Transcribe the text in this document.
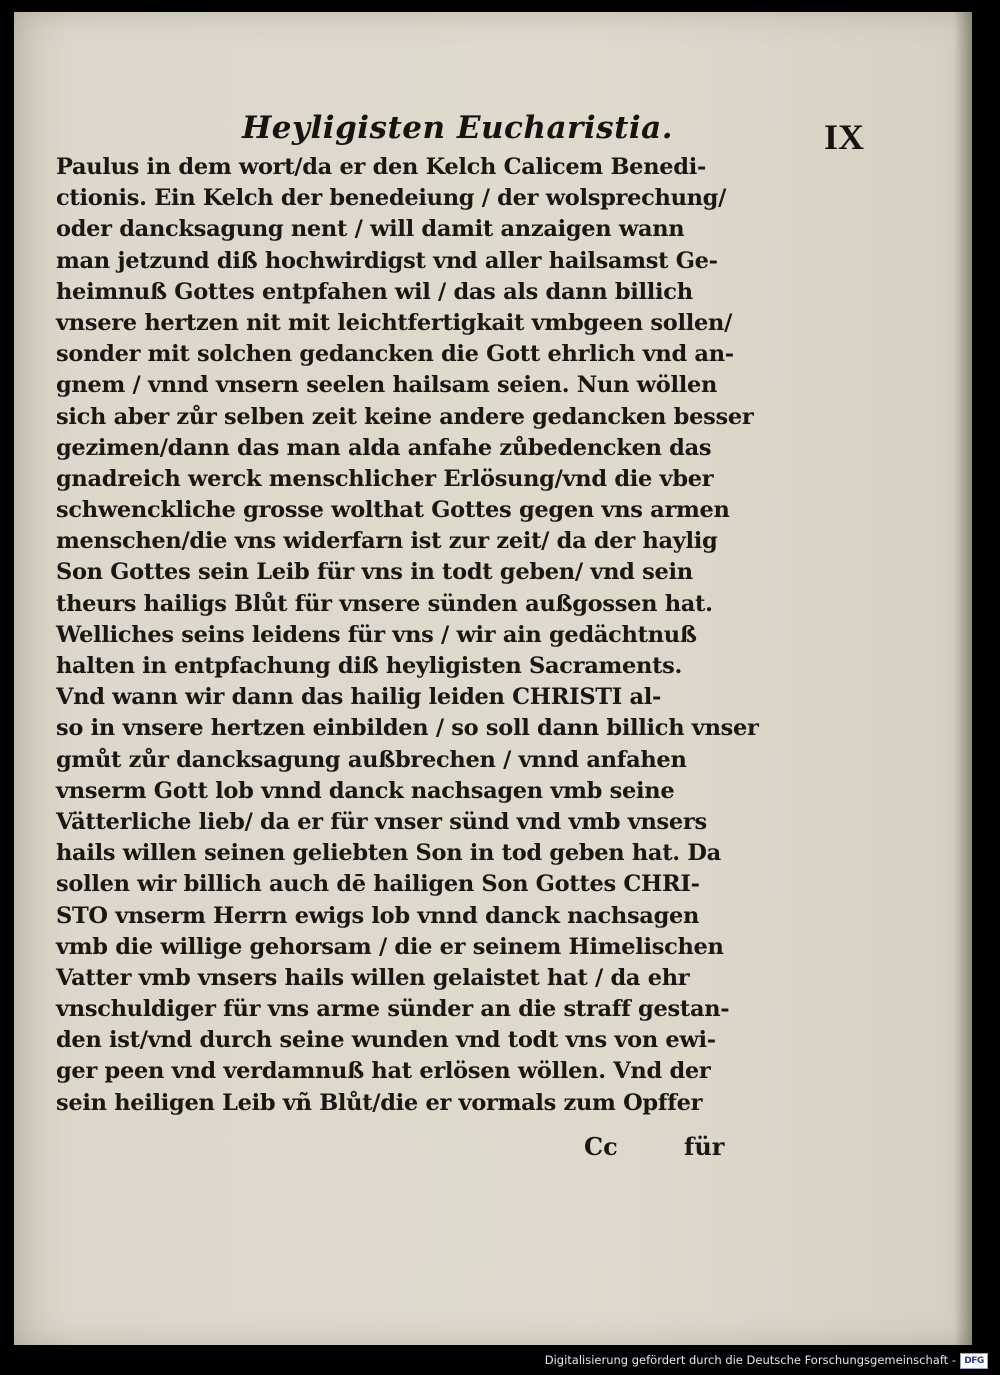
Heyligisten Eucharistia.	IX
Paulus in dem wort/da er den Kelch Calicem Benedi-
ctionis. Ein Kelch der benedeiung / der wolsprechung/
oder dancksagung nent / will damit anzaigen wann
man jetzund diß hochwirdigst vnd aller hailsamst Ge-
heimnuß Gottes entpfahen wil / das als dann billich
vnsere hertzen nit mit leichtfertigkait vmbgeen sollen/
sonder mit solchen gedancken die Gott ehrlich vnd an-
gnem / vnnd vnsern seelen hailsam seien. Nun wöllen
sich aber zůr selben zeit keine andere gedancken besser
gezimen/dann das man alda anfahe zůbedencken das
gnadreich werck menschlicher Erlösung/vnd die vber
schwenckliche grosse wolthat Gottes gegen vns armen
menschen/die vns widerfarn ist zur zeit/ da der haylig
Son Gottes sein Leib für vns in todt geben/ vnd sein
theurs hailigs Blůt für vnsere sünden außgossen hat.
Welliches seins leidens für vns / wir ain gedächtnuß
halten in entpfachung diß heyligisten Sacraments.
Vnd wann wir dann das hailig leiden CHRISTI al-
so in vnsere hertzen einbilden / so soll dann billich vnser
gmůt zůr dancksagung außbrechen / vnnd anfahen
vnserm Gott lob vnnd danck nachsagen vmb seine
Vätterliche lieb/ da er für vnser sünd vnd vmb vnsers
hails willen seinen geliebten Son in tod geben hat. Da
sollen wir billich auch dē hailigen Son Gottes CHRI-
STO vnserm Herrn ewigs lob vnnd danck nachsagen
vmb die willige gehorsam / die er seinem Himelischen
Vatter vmb vnsers hails willen gelaistet hat / da ehr
vnschuldiger für vns arme sünder an die straff gestan-
den ist/vnd durch seine wunden vnd todt vns von ewi-
ger peen vnd verdamnuß hat erlösen wöllen. Vnd der
sein heiligen Leib vñ Blůt/die er vormals zum Opffer
Cc	für
Digitalisierung gefördert durch die Deutsche Forschungsgemeinschaft - DFG
